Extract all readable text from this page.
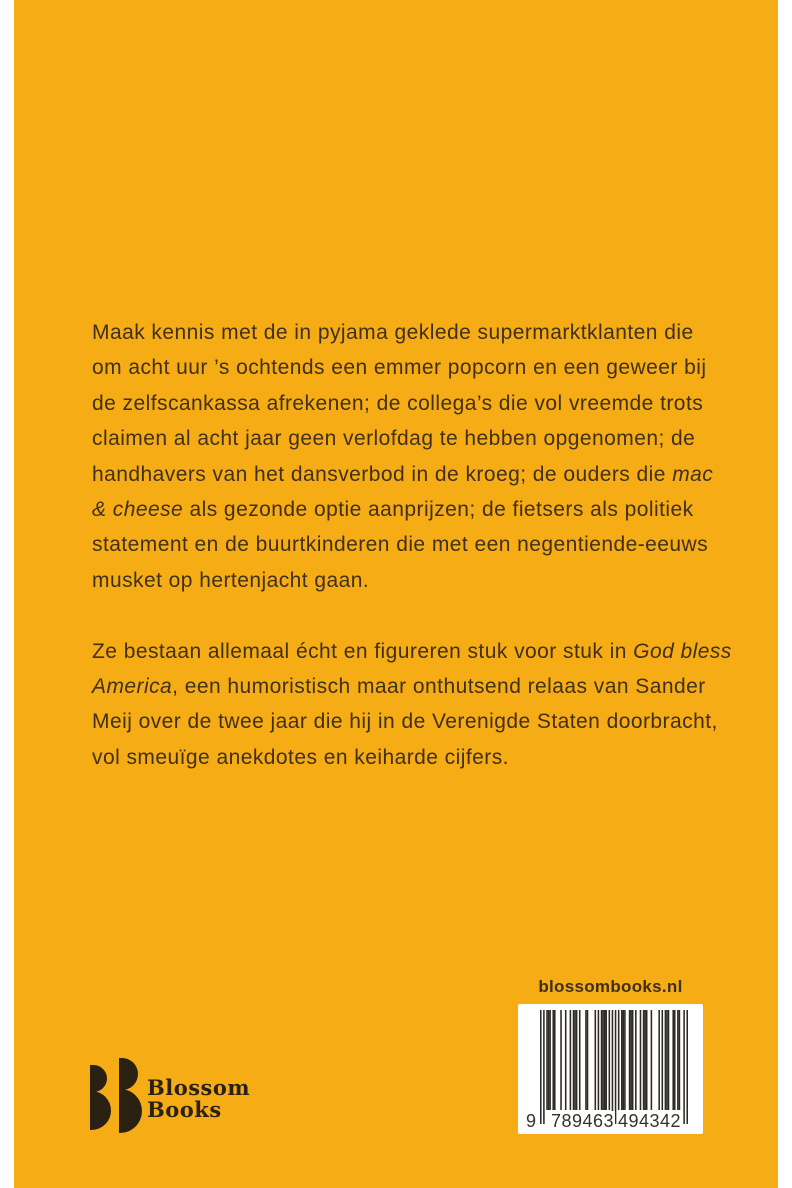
Maak kennis met de in pyjama geklede supermarktklanten die
om acht uur ’s ochtends een emmer popcorn en een geweer bij
de zelfscankassa afrekenen; de collega’s die vol vreemde trots
claimen al acht jaar geen verlofdag te hebben opgenomen; de
handhavers van het dansverbod in de kroeg; de ouders die mac
& cheese als gezonde optie aanprijzen; de fietsers als politiek
statement en de buurtkinderen die met een negentiende-eeuws
musket op hertenjacht gaan.
Ze bestaan allemaal écht en figureren stuk voor stuk in God bless
America, een humoristisch maar onthutsend relaas van Sander
Meij over de twee jaar die hij in de Verenigde Staten doorbracht,
vol smeuïge anekdotes en keiharde cijfers.
blossombooks.nl
9 789463 494342
Blossom
Books
